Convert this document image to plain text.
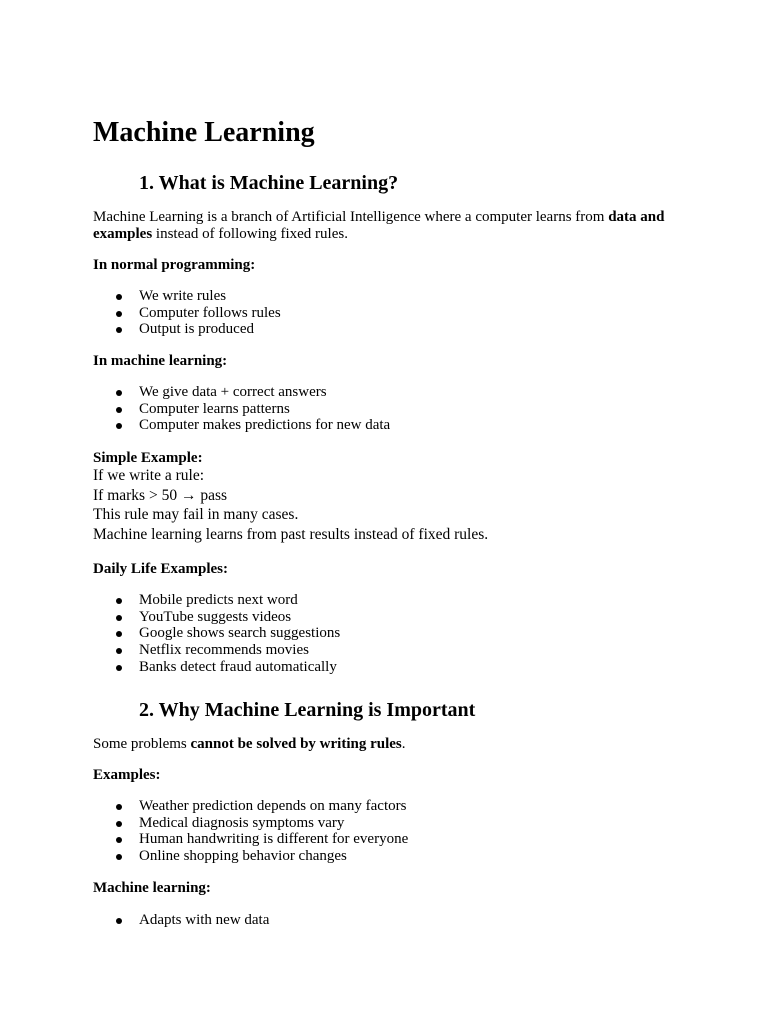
Machine Learning
1. What is Machine Learning?

Machine Learning is a branch of Artificial Intelligence where a computer learns from data and examples instead of following fixed rules.

In normal programming:

We write rules
Computer follows rules
Output is produced

In machine learning:

We give data + correct answers
Computer learns patterns
Computer makes predictions for new data

Simple Example:

If we write a rule:
If marks > 50 → pass
This rule may fail in many cases.
Machine learning learns from past results instead of fixed rules.

Daily Life Examples:

Mobile predicts next word
YouTube suggests videos
Google shows search suggestions
Netflix recommends movies
Banks detect fraud automatically
2. Why Machine Learning is Important

Some problems cannot be solved by writing rules.

Examples:

Weather prediction depends on many factors
Medical diagnosis symptoms vary
Human handwriting is different for everyone
Online shopping behavior changes

Machine learning:

Adapts with new data
